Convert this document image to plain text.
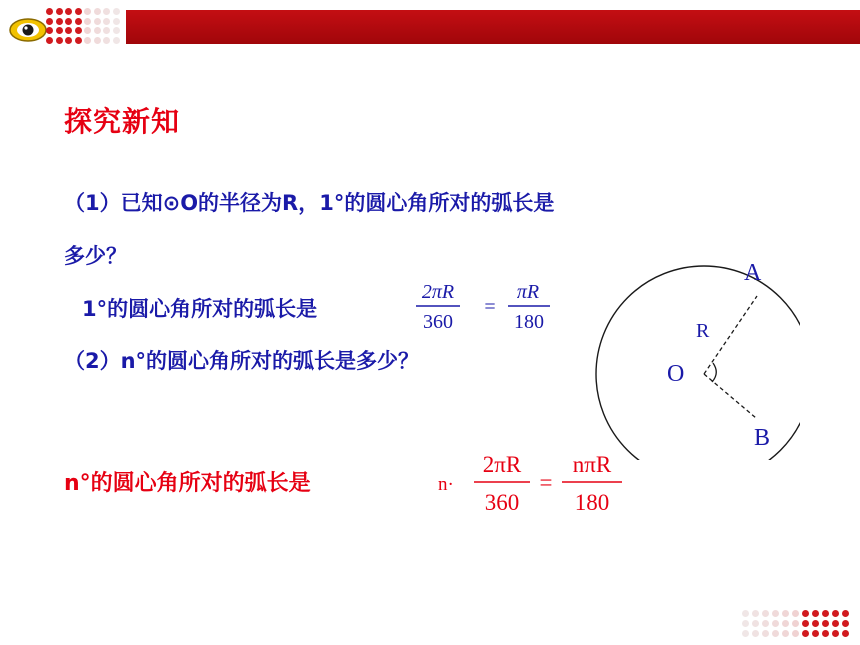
探究新知
（1）已知⊙O的半径为R，1°的圆心角所对的弧长是
多少？
1°的圆心角所对的弧长是
2πR
360
=
πR
180
（2）n°的圆心角所对的弧长是多少？
n°的圆心角所对的弧长是	n·
2πR
360
=
nπR
180
A
B
O
R
